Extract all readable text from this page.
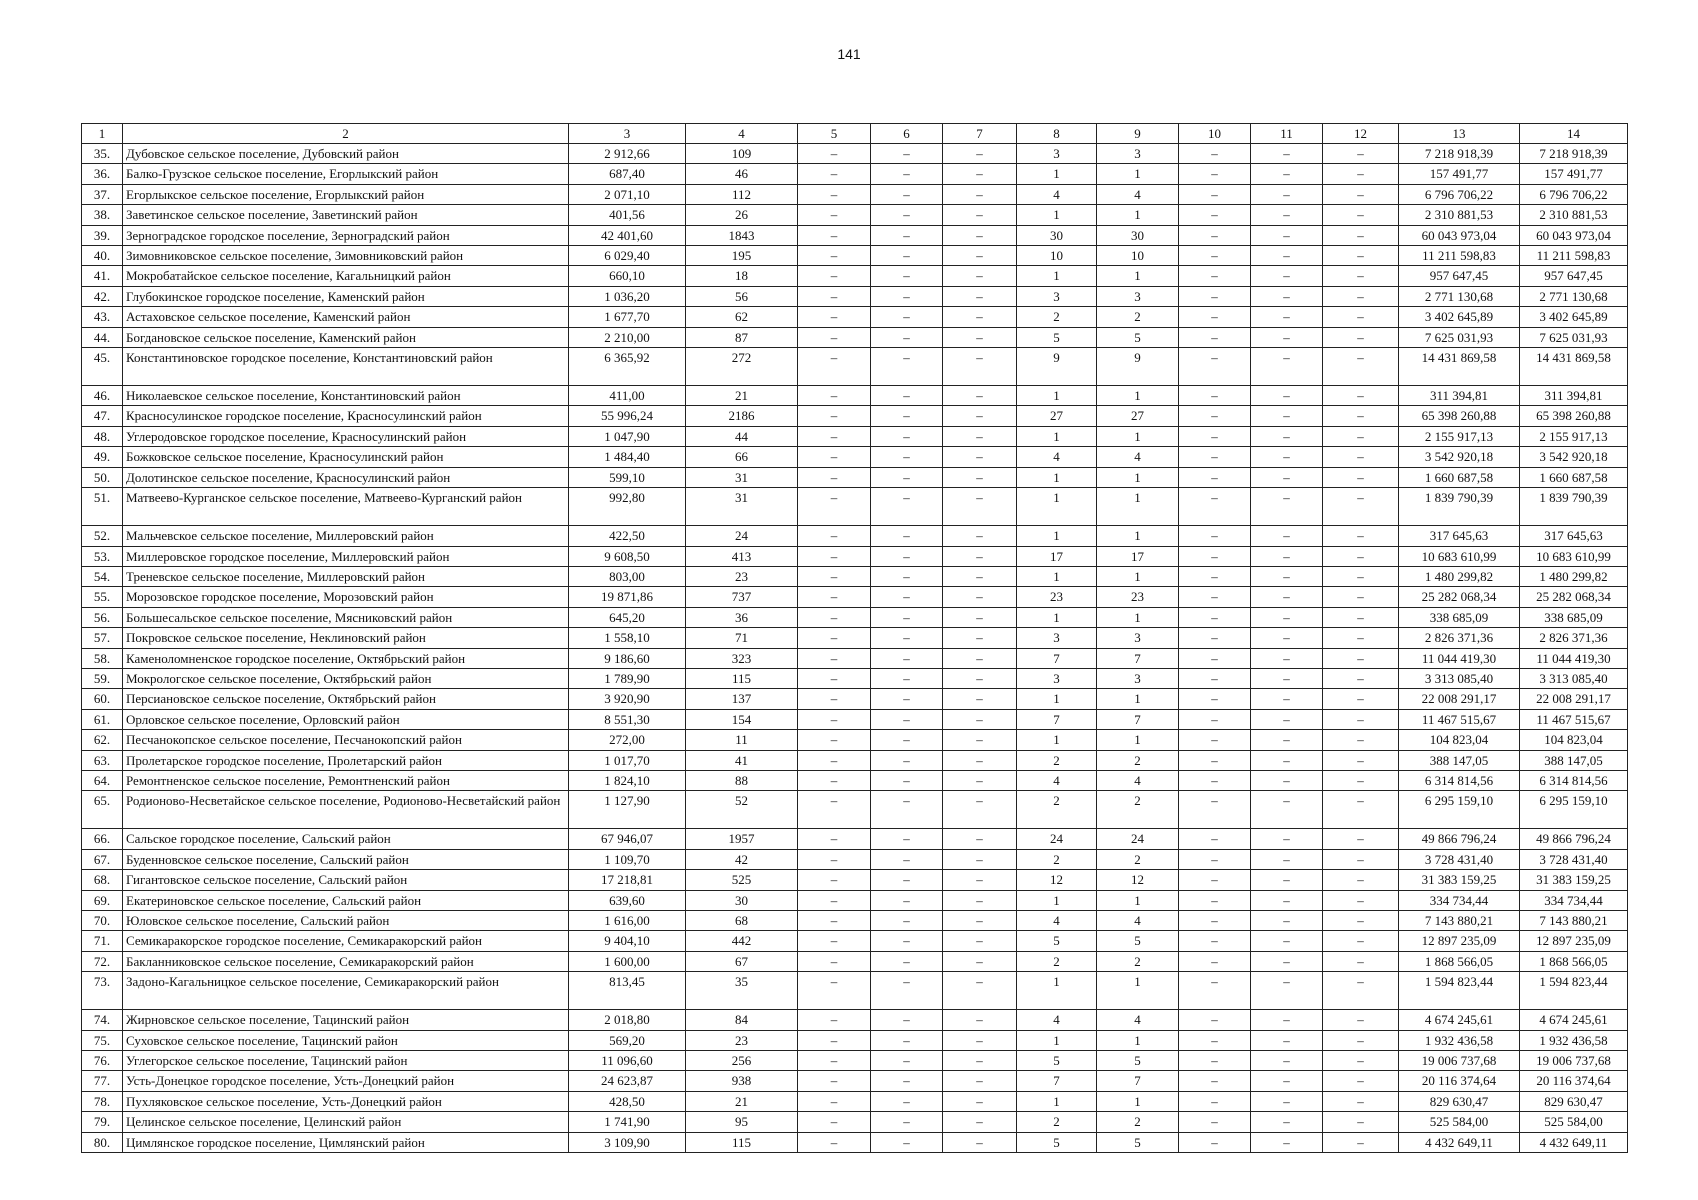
141
1	2	3	4	5	6	7	8	9	10	11	12	13	14
35.	Дубовское сельское поселение, Дубовский район	2 912,66	109	–	–	–	3	3	–	–	–	7 218 918,39	7 218 918,39
36.	Балко-Грузское сельское поселение, Егорлыкский район	687,40	46	–	–	–	1	1	–	–	–	157 491,77	157 491,77
37.	Егорлыкское сельское поселение, Егорлыкский район	2 071,10	112	–	–	–	4	4	–	–	–	6 796 706,22	6 796 706,22
38.	Заветинское сельское поселение, Заветинский район	401,56	26	–	–	–	1	1	–	–	–	2 310 881,53	2 310 881,53
39.	Зерноградское городское поселение, Зерноградский район	42 401,60	1843	–	–	–	30	30	–	–	–	60 043 973,04	60 043 973,04
40.	Зимовниковское сельское поселение, Зимовниковский район	6 029,40	195	–	–	–	10	10	–	–	–	11 211 598,83	11 211 598,83
41.	Мокробатайское сельское поселение, Кагальницкий район	660,10	18	–	–	–	1	1	–	–	–	957 647,45	957 647,45
42.	Глубокинское городское поселение, Каменский район	1 036,20	56	–	–	–	3	3	–	–	–	2 771 130,68	2 771 130,68
43.	Астаховское сельское поселение, Каменский район	1 677,70	62	–	–	–	2	2	–	–	–	3 402 645,89	3 402 645,89
44.	Богдановское сельское поселение, Каменский район	2 210,00	87	–	–	–	5	5	–	–	–	7 625 031,93	7 625 031,93
45.	Константиновское городское поселение, Константиновский район	6 365,92	272	–	–	–	9	9	–	–	–	14 431 869,58	14 431 869,58
46.	Николаевское сельское поселение, Константиновский район	411,00	21	–	–	–	1	1	–	–	–	311 394,81	311 394,81
47.	Красносулинское городское поселение, Красносулинский район	55 996,24	2186	–	–	–	27	27	–	–	–	65 398 260,88	65 398 260,88
48.	Углеродовское городское поселение, Красносулинский район	1 047,90	44	–	–	–	1	1	–	–	–	2 155 917,13	2 155 917,13
49.	Божковское сельское поселение, Красносулинский район	1 484,40	66	–	–	–	4	4	–	–	–	3 542 920,18	3 542 920,18
50.	Долотинское сельское поселение, Красносулинский район	599,10	31	–	–	–	1	1	–	–	–	1 660 687,58	1 660 687,58
51.	Матвеево-Курганское сельское поселение, Матвеево-Курганский район	992,80	31	–	–	–	1	1	–	–	–	1 839 790,39	1 839 790,39
52.	Мальчевское сельское поселение, Миллеровский район	422,50	24	–	–	–	1	1	–	–	–	317 645,63	317 645,63
53.	Миллеровское городское поселение, Миллеровский район	9 608,50	413	–	–	–	17	17	–	–	–	10 683 610,99	10 683 610,99
54.	Треневское сельское поселение, Миллеровский район	803,00	23	–	–	–	1	1	–	–	–	1 480 299,82	1 480 299,82
55.	Морозовское городское поселение, Морозовский район	19 871,86	737	–	–	–	23	23	–	–	–	25 282 068,34	25 282 068,34
56.	Большесальское сельское поселение, Мясниковский район	645,20	36	–	–	–	1	1	–	–	–	338 685,09	338 685,09
57.	Покровское сельское поселение, Неклиновский район	1 558,10	71	–	–	–	3	3	–	–	–	2 826 371,36	2 826 371,36
58.	Каменоломненское городское поселение, Октябрьский район	9 186,60	323	–	–	–	7	7	–	–	–	11 044 419,30	11 044 419,30
59.	Мокрологское сельское поселение, Октябрьский район	1 789,90	115	–	–	–	3	3	–	–	–	3 313 085,40	3 313 085,40
60.	Персиановское сельское поселение, Октябрьский район	3 920,90	137	–	–	–	1	1	–	–	–	22 008 291,17	22 008 291,17
61.	Орловское сельское поселение, Орловский район	8 551,30	154	–	–	–	7	7	–	–	–	11 467 515,67	11 467 515,67
62.	Песчанокопское сельское поселение, Песчанокопский район	272,00	11	–	–	–	1	1	–	–	–	104 823,04	104 823,04
63.	Пролетарское городское поселение, Пролетарский район	1 017,70	41	–	–	–	2	2	–	–	–	388 147,05	388 147,05
64.	Ремонтненское сельское поселение, Ремонтненский район	1 824,10	88	–	–	–	4	4	–	–	–	6 314 814,56	6 314 814,56
65.	Родионово-Несветайское сельское поселение, Родионово-Несветайский район	1 127,90	52	–	–	–	2	2	–	–	–	6 295 159,10	6 295 159,10
66.	Сальское городское поселение, Сальский район	67 946,07	1957	–	–	–	24	24	–	–	–	49 866 796,24	49 866 796,24
67.	Буденновское сельское поселение, Сальский район	1 109,70	42	–	–	–	2	2	–	–	–	3 728 431,40	3 728 431,40
68.	Гигантовское сельское поселение, Сальский район	17 218,81	525	–	–	–	12	12	–	–	–	31 383 159,25	31 383 159,25
69.	Екатериновское сельское поселение, Сальский район	639,60	30	–	–	–	1	1	–	–	–	334 734,44	334 734,44
70.	Юловское сельское поселение, Сальский район	1 616,00	68	–	–	–	4	4	–	–	–	7 143 880,21	7 143 880,21
71.	Семикаракорское городское поселение, Семикаракорский район	9 404,10	442	–	–	–	5	5	–	–	–	12 897 235,09	12 897 235,09
72.	Бакланниковское сельское поселение, Семикаракорский район	1 600,00	67	–	–	–	2	2	–	–	–	1 868 566,05	1 868 566,05
73.	Задоно-Кагальницкое сельское поселение, Семикаракорский район	813,45	35	–	–	–	1	1	–	–	–	1 594 823,44	1 594 823,44
74.	Жирновское сельское поселение, Тацинский район	2 018,80	84	–	–	–	4	4	–	–	–	4 674 245,61	4 674 245,61
75.	Суховское сельское поселение, Тацинский район	569,20	23	–	–	–	1	1	–	–	–	1 932 436,58	1 932 436,58
76.	Углегорское сельское поселение, Тацинский район	11 096,60	256	–	–	–	5	5	–	–	–	19 006 737,68	19 006 737,68
77.	Усть-Донецкое городское поселение, Усть-Донецкий район	24 623,87	938	–	–	–	7	7	–	–	–	20 116 374,64	20 116 374,64
78.	Пухляковское сельское поселение, Усть-Донецкий район	428,50	21	–	–	–	1	1	–	–	–	829 630,47	829 630,47
79.	Целинское сельское поселение, Целинский район	1 741,90	95	–	–	–	2	2	–	–	–	525 584,00	525 584,00
80.	Цимлянское городское поселение, Цимлянский район	3 109,90	115	–	–	–	5	5	–	–	–	4 432 649,11	4 432 649,11
